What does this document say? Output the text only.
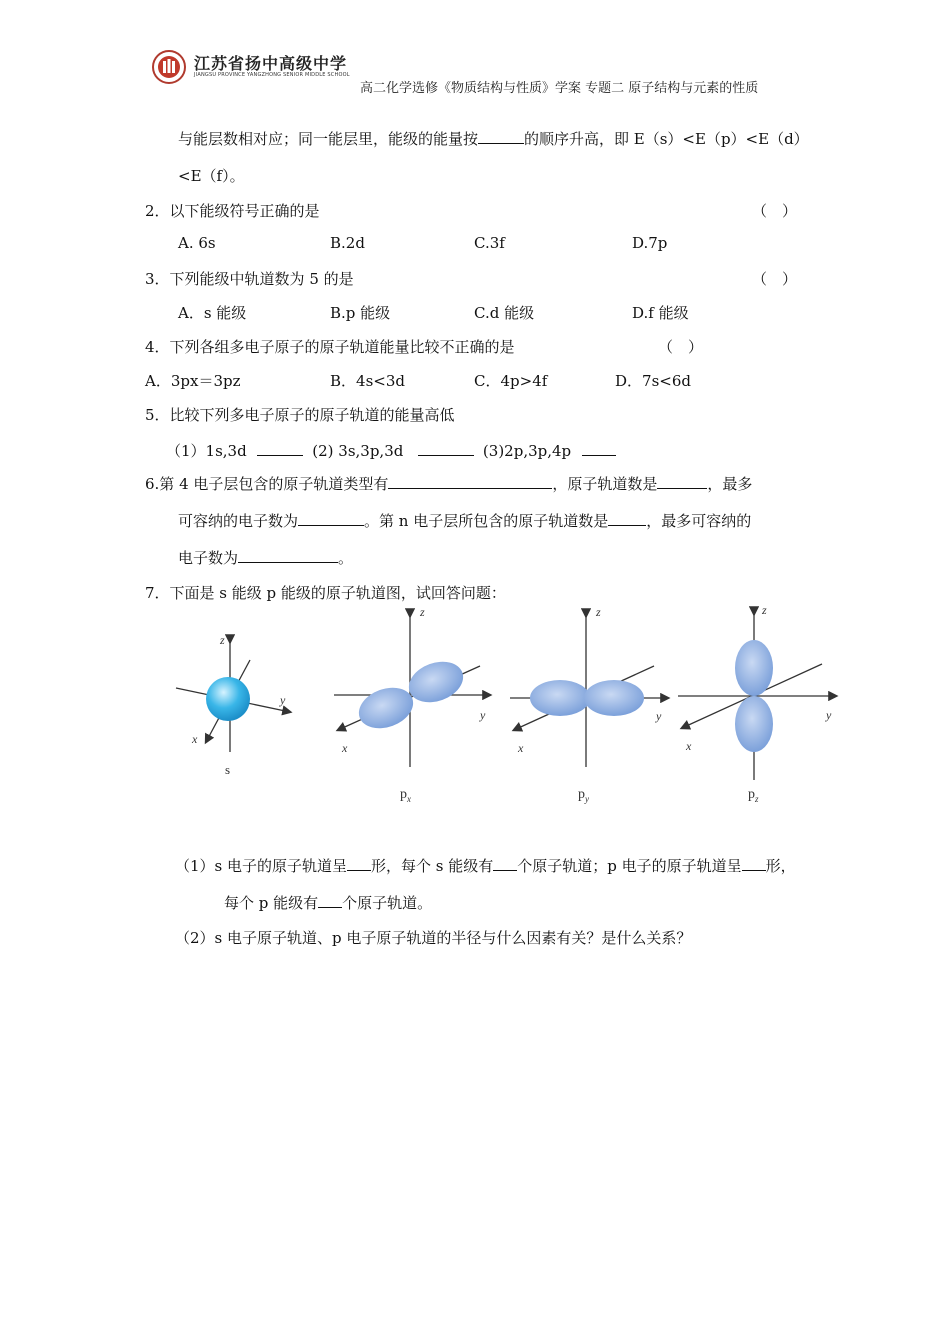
江苏省扬中高级中学
JIANGSU PROVINCE YANGZHONG SENIOR MIDDLE SCHOOL
高二化学选修《物质结构与性质》学案 专题二 原子结构与元素的性质
与能层数相对应；同一能层里，能级的能量按	的顺序升高，即 E（s）<E（p）<E（d）
<E（f）。
2．以下能级符号正确的是	（　）
A. 6s	B.2d	C.3f	D.7p
3．下列能级中轨道数为 5 的是	（　）
A．s 能级	B.p 能级	C.d 能级	D.f 能级
4．下列各组多电子原子的原子轨道能量比较不正确的是	（　）
A．3px＝3pz	B．4s<3d	C．4p>4f	D．7s<6d
5．比较下列多电子原子的原子轨道的能量高低
（1）1s,3d	(2) 3s,3p,3d	(3)2p,3p,4p
6.第 4 电子层包含的原子轨道类型有	，原子轨道数是	，最多
可容纳的电子数为	。第 n 电子层所包含的原子轨道数是	，最多可容纳的
电子数为	。
7．下面是 s 能级 p 能级的原子轨道图，试回答问题：
z
y
x
s
z
y
x
$p_x$
z
y
x
$p_y$
z
y
x
$p_z$
（1）s 电子的原子轨道呈 形，每个 s 能级有 个原子轨道；p 电子的原子轨道呈 形，
每个 p 能级有 个原子轨道。
（2）s 电子原子轨道、p 电子原子轨道的半径与什么因素有关？是什么关系？
